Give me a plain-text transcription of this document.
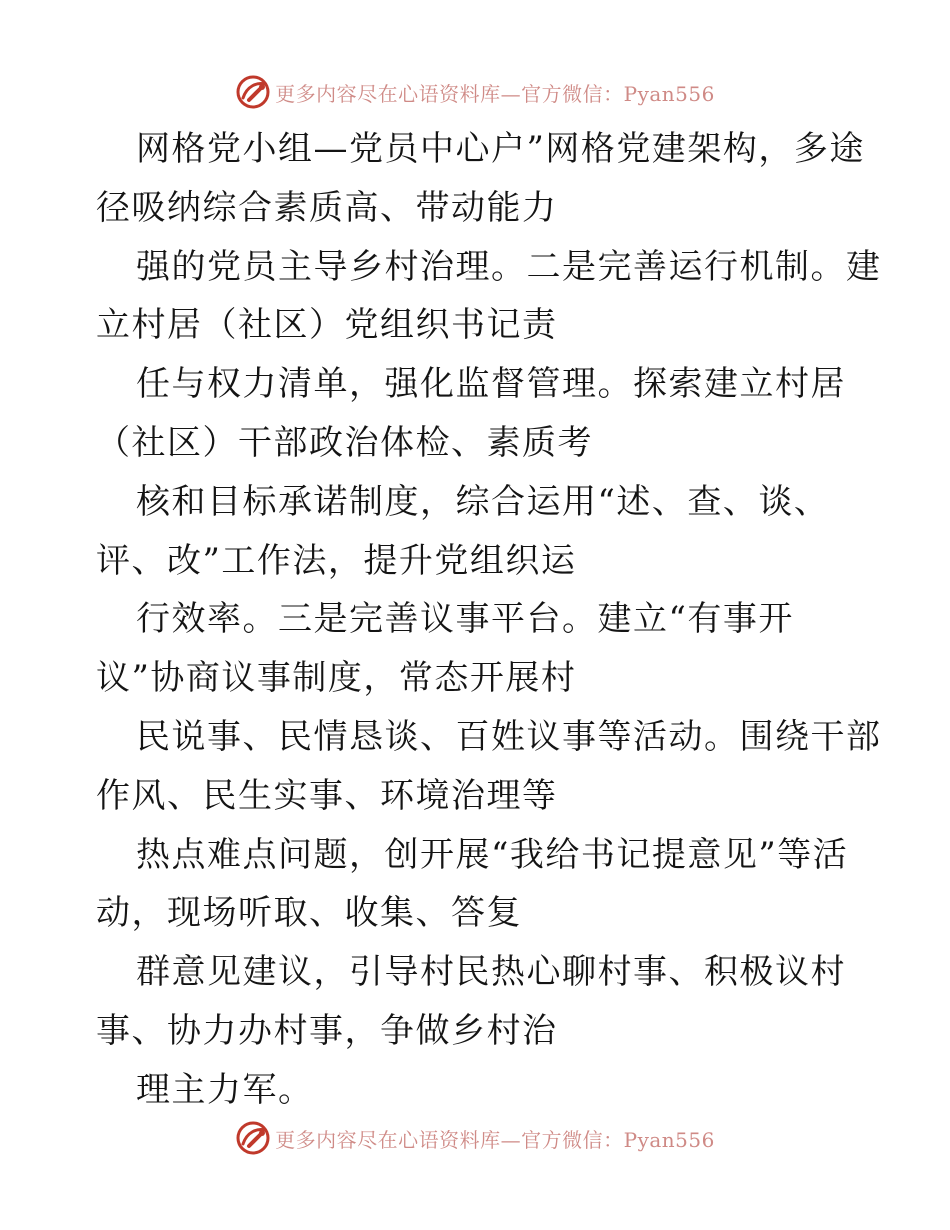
更多内容尽在心语资料库—官方微信：Pyan556
网格党小组—党员中心户”网格党建架构，多途
径吸纳综合素质高、带动能力
强的党员主导乡村治理。二是完善运行机制。建
立村居（社区）党组织书记责
任与权力清单，强化监督管理。探索建立村居
（社区）干部政治体检、素质考
核和目标承诺制度，综合运用“述、查、谈、
评、改”工作法，提升党组织运
行效率。三是完善议事平台。建立“有事开
议”协商议事制度，常态开展村
民说事、民情恳谈、百姓议事等活动。围绕干部
作风、民生实事、环境治理等
热点难点问题，创开展“我给书记提意见”等活
动，现场听取、收集、答复
群意见建议，引导村民热心聊村事、积极议村
事、协力办村事，争做乡村治
理主力军。
更多内容尽在心语资料库—官方微信：Pyan556
